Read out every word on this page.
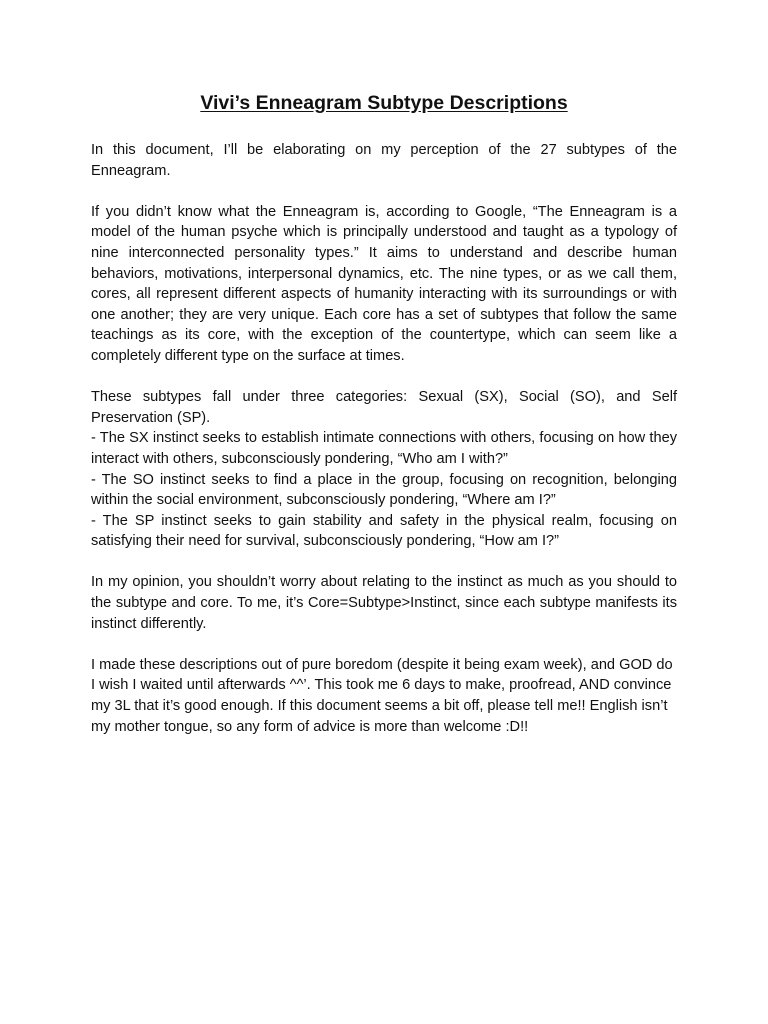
Vivi’s Enneagram Subtype Descriptions

In this document, I’ll be elaborating on my perception of the 27 subtypes of the Enneagram.

If you didn’t know what the Enneagram is, according to Google, “The Enneagram is a model of the human psyche which is principally understood and taught as a typology of nine interconnected personality types.” It aims to understand and describe human behaviors, motivations, interpersonal dynamics, etc. The nine types, or as we call them, cores, all represent different aspects of humanity interacting with its surroundings or with one another; they are very unique. Each core has a set of subtypes that follow the same teachings as its core, with the exception of the countertype, which can seem like a completely different type on the surface at times.

These subtypes fall under three categories: Sexual (SX), Social (SO), and Self Preservation (SP).
- The SX instinct seeks to establish intimate connections with others, focusing on how they interact with others, subconsciously pondering, “Who am I with?”
- The SO instinct seeks to find a place in the group, focusing on recognition, belonging within the social environment, subconsciously pondering, “Where am I?”
- The SP instinct seeks to gain stability and safety in the physical realm, focusing on satisfying their need for survival, subconsciously pondering, “How am I?”

In my opinion, you shouldn’t worry about relating to the instinct as much as you should to the subtype and core. To me, it’s Core=Subtype>Instinct, since each subtype manifests its instinct differently.

I made these descriptions out of pure boredom (despite it being exam week), and GOD do I wish I waited until afterwards ^^’. This took me 6 days to make, proofread, AND convince my 3L that it’s good enough. If this document seems a bit off, please tell me!! English isn’t my mother tongue, so any form of advice is more than welcome :D!!
